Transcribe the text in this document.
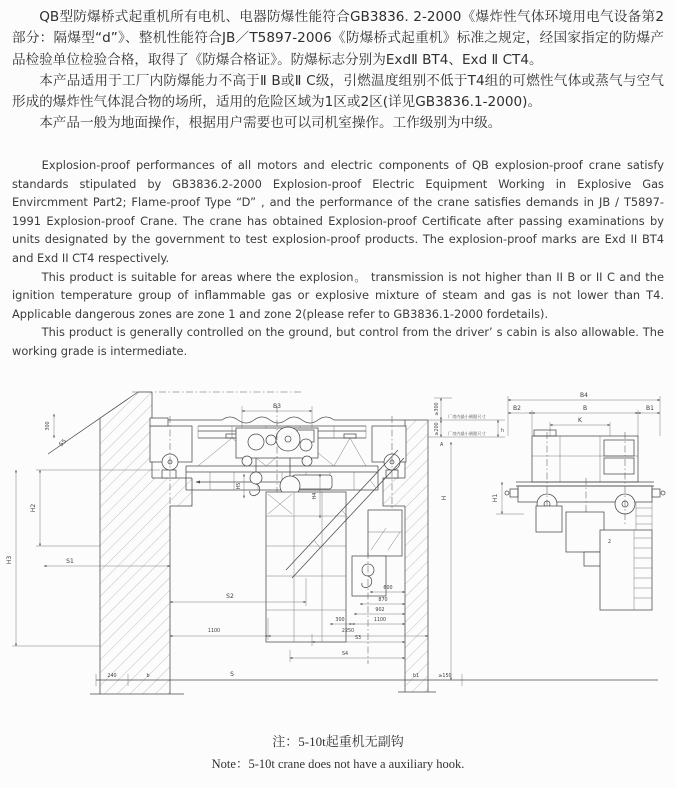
QB型防爆桥式起重机所有电机、电器防爆性能符合GB3836. 2-2000《爆炸性气体环境用电气设备第2部分：隔爆型“d”》、整机性能符合JB／T5897-2006《防爆桥式起重机》标准之规定，经国家指定的防爆产品检验单位检验合格，取得了《防爆合格证》。防爆标志分别为ExdⅡ BT4、Exd Ⅱ CT4。

本产品适用于工厂内防爆能力不高于Ⅱ B或Ⅱ C级，引燃温度组别不低于T4组的可燃性气体或蒸气与空气形成的爆炸性气体混合物的场所，适用的危险区域为1区或2区(详见GB3836.1-2000)。

本产品一般为地面操作，根据用户需要也可以司机室操作。工作级别为中级。

Explosion-proof performances of all motors and electric components of QB explosion-proof crane satisfy standards stipulated by GB3836.2-2000 Explosion-proof Electric Equipment Working in Explosive Gas Envircmment Part2; Flame-proof Type “D” , and the performance of the crane satisfies demands in JB / T5897-1991 Explosion-proof Crane. The crane has obtained Explosion-proof Certificate after passing examinations by units designated by the government to test explosion-proof products. The explosion-proof marks are Exd II BT4 and Exd II CT4 respectively.

This product is suitable for areas where the explosion。 transmission is not higher than II B or II C and the ignition temperature group of inflammable gas or explosive mixture of steam and gas is not lower than T4. Applicable dangerous zones are zone 1 and zone 2(please refer to GB3836.1-2000 fordetails).

This product is generally controlled on the ground, but control from the driver’ s cabin is also allowable. The working grade is intermediate.

300
S5
H2
H3	S1
S2
1100	2250
B3
H5
H4
600
870
902
300	1100
S3
S4
≥300
≥200
厂房内最小极限尺寸
厂房内最小极限尺寸
A
h
H
240	b	S	b1	≥150
B4
B2	B	B1
K
H1
2

注：5-10t起重机无副钩

Note：5-10t crane does not have a auxiliary hook.
